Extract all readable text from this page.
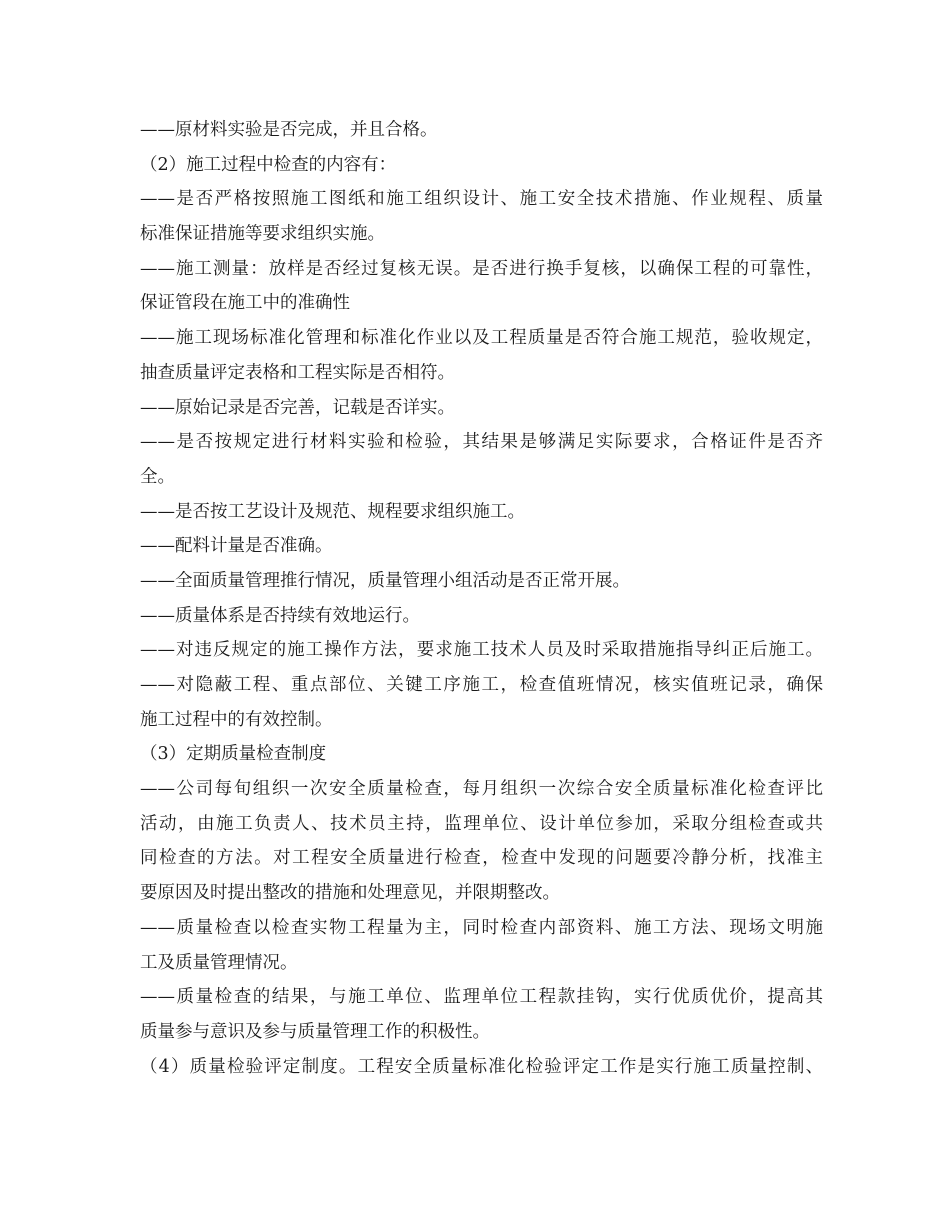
——原材料实验是否完成，并且合格。
（2）施工过程中检查的内容有：
——是否严格按照施工图纸和施工组织设计、施工安全技术措施、作业规程、质量
标准保证措施等要求组织实施。
——施工测量：放样是否经过复核无误。是否进行换手复核，以确保工程的可靠性，
保证管段在施工中的准确性
——施工现场标准化管理和标准化作业以及工程质量是否符合施工规范，验收规定，
抽查质量评定表格和工程实际是否相符。
——原始记录是否完善，记载是否详实。
——是否按规定进行材料实验和检验，其结果是够满足实际要求，合格证件是否齐
全。
——是否按工艺设计及规范、规程要求组织施工。
——配料计量是否准确。
——全面质量管理推行情况，质量管理小组活动是否正常开展。
——质量体系是否持续有效地运行。
——对违反规定的施工操作方法，要求施工技术人员及时采取措施指导纠正后施工。
——对隐蔽工程、重点部位、关键工序施工，检查值班情况，核实值班记录，确保
施工过程中的有效控制。
（3）定期质量检查制度
——公司每旬组织一次安全质量检查，每月组织一次综合安全质量标准化检查评比
活动，由施工负责人、技术员主持，监理单位、设计单位参加，采取分组检查或共
同检查的方法。对工程安全质量进行检查，检查中发现的问题要冷静分析，找准主
要原因及时提出整改的措施和处理意见，并限期整改。
——质量检查以检查实物工程量为主，同时检查内部资料、施工方法、现场文明施
工及质量管理情况。
——质量检查的结果，与施工单位、监理单位工程款挂钩，实行优质优价，提高其
质量参与意识及参与质量管理工作的积极性。
（4）质量检验评定制度。工程安全质量标准化检验评定工作是实行施工质量控制、
